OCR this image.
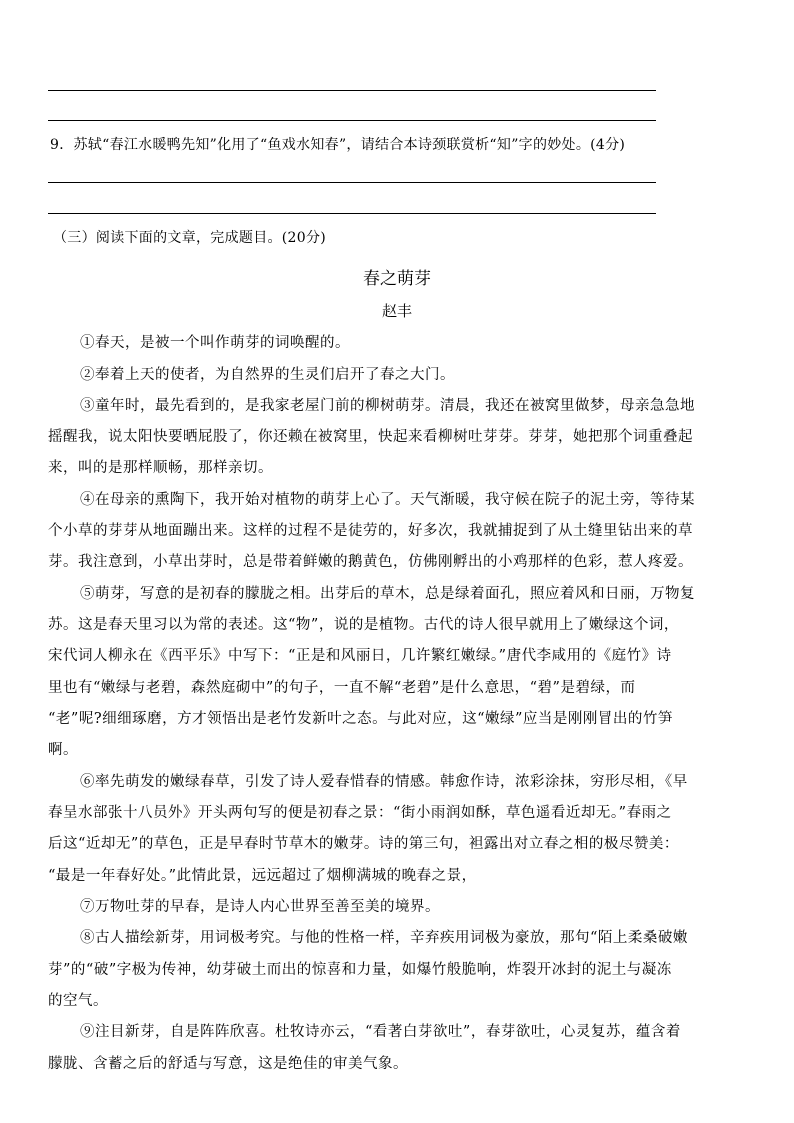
9．苏轼“春江水暖鸭先知”化用了“鱼戏水知春”，请结合本诗颈联赏析“知”字的妙处。(4分)
（三）阅读下面的文章，完成题目。(20分)
春之萌芽
赵丰
①春天，是被一个叫作萌芽的词唤醒的。
②奉着上天的使者，为自然界的生灵们启开了春之大门。
③童年时，最先看到的，是我家老屋门前的柳树萌芽。清晨，我还在被窝里做梦，母亲急急地
摇醒我，说太阳快要晒屁股了，你还赖在被窝里，快起来看柳树吐芽芽。芽芽，她把那个词重叠起
来，叫的是那样顺畅，那样亲切。
④在母亲的熏陶下，我开始对植物的萌芽上心了。天气渐暖，我守候在院子的泥土旁，等待某
个小草的芽芽从地面蹦出来。这样的过程不是徒劳的，好多次，我就捕捉到了从土缝里钻出来的草
芽。我注意到，小草出芽时，总是带着鲜嫩的鹅黄色，仿佛刚孵出的小鸡那样的色彩，惹人疼爱。
⑤萌芽，写意的是初春的朦胧之相。出芽后的草木，总是绿着面孔，照应着风和日丽，万物复
苏。这是春天里习以为常的表述。这“物”，说的是植物。古代的诗人很早就用上了嫩绿这个词，
宋代词人柳永在《西平乐》中写下：“正是和风丽日，几许繁红嫩绿。”唐代李咸用的《庭竹》诗
里也有“嫩绿与老碧，森然庭砌中”的句子，一直不解“老碧”是什么意思，“碧”是碧绿，而
“老”呢?细细琢磨，方才领悟出是老竹发新叶之态。与此对应，这“嫩绿”应当是刚刚冒出的竹笋
啊。
⑥率先萌发的嫩绿春草，引发了诗人爱春惜春的情感。韩愈作诗，浓彩涂抹，穷形尽相，《早
春呈水部张十八员外》开头两句写的便是初春之景：“街小雨润如酥，草色遥看近却无。”春雨之
后这“近却无”的草色，正是早春时节草木的嫩芽。诗的第三句，袒露出对立春之相的极尽赞美：
“最是一年春好处。”此情此景，远远超过了烟柳满城的晚春之景，
⑦万物吐芽的早春，是诗人内心世界至善至美的境界。
⑧古人描绘新芽，用词极考究。与他的性格一样，辛弃疾用词极为豪放，那句“陌上柔桑破嫩
芽”的“破”字极为传神，幼芽破土而出的惊喜和力量，如爆竹般脆响，炸裂开冰封的泥土与凝冻
的空气。
⑨注目新芽，自是阵阵欣喜。杜牧诗亦云，“看著白芽欲吐”，春芽欲吐，心灵复苏，蕴含着
朦胧、含蓄之后的舒适与写意，这是绝佳的审美气象。
